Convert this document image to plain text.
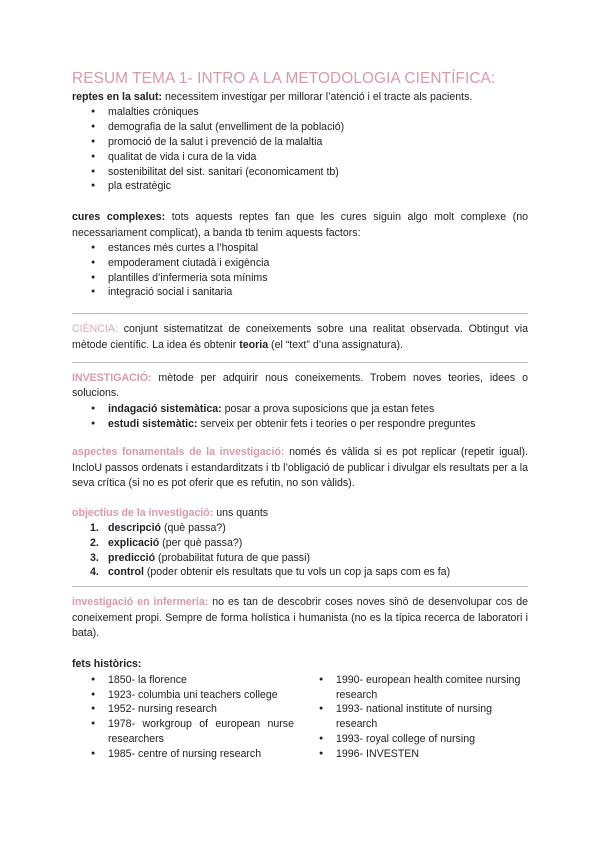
RESUM TEMA 1- INTRO A LA METODOLOGIA CIENTÍFICA:

reptes en la salut: necessitem investigar per millorar l’atenció i el tracte als pacients.

● malalties cròniques
● demografia de la salut (envelliment de la població)
● promoció de la salut i prevenció de la malaltia
● qualitat de vida i cura de la vida
● sostenibilitat del sist. sanitari (economicament tb)
● pla estratègic

cures complexes: tots aquests reptes fan que les cures siguin algo molt complexe (no necessariament complicat), a banda tb tenim aquests factors:

● estances més curtes a l’hospital
● empoderament ciutadà i exigència
● plantilles d’infermeria sota mínims
● integració social i sanitaria

CIÈNCIA: conjunt sistematitzat de coneixements sobre una realitat observada. Obtingut via mètode científic. La idea és obtenir teoria (el “text” d’una assignatura).

INVESTIGACIÓ: mètode per adquirir nous coneixements. Trobem noves teories, idees o solucions.

● indagació sistemàtica: posar a prova suposicions que ja estan fetes
● estudi sistemàtic: serveix per obtenir fets i teories o per respondre preguntes

aspectes fonamentals de la investigació: només és vàlida si es pot replicar (repetir igual). IncloU passos ordenats i estandarditzats i tb l’obligació de publicar i divulgar els resultats per a la seva crítica (si no es pot oferir que es refutin, no son vàlids).

objectius de la investigació: uns quants

1. descripció (què passa?)
2. explicació (per què passa?)
3. predicció (probabilitat futura de que passi)
4. control (poder obtenir els resultats que tu vols un cop ja saps com es fa)

investigació en infermeria: no es tan de descobrir coses noves sinó de desenvolupar cos de coneixement propi. Sempre de forma holística i humanista (no es la típica recerca de laboratori i bata).

fets històrics:

● 1850- la florence
● 1923- columbia uni teachers college
● 1952- nursing research
● 1978- workgroup of european nurse researchers
● 1985- centre of nursing research
● 1990- european health comitee nursing research
● 1993- national institute of nursing research
● 1993- royal college of nursing
● 1996- INVESTEN
